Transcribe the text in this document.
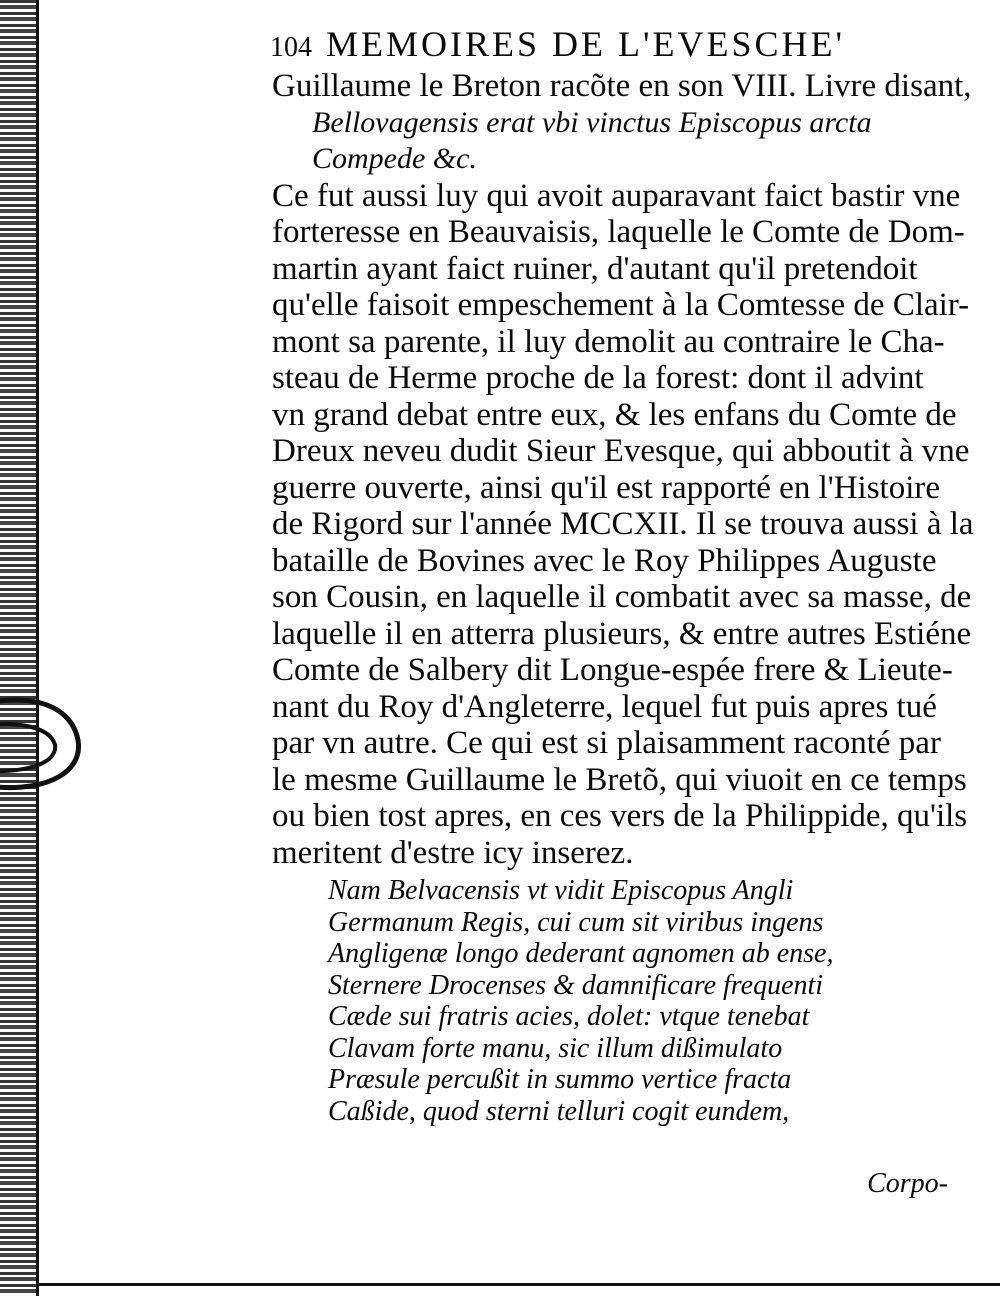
104 MEMOIRES DE L'EVESCHE'
Guillaume le Breton racõte en son VIII. Livre disant,
Bellovagensis erat vbi vinctus Episcopus arcta
Compede &c.
Ce fut aussi luy qui avoit auparavant faict bastir vne
forteresse en Beauvaisis, laquelle le Comte de Dom-
martin ayant faict ruiner, d'autant qu'il pretendoit
qu'elle faisoit empeschement à la Comtesse de Clair-
mont sa parente, il luy demolit au contraire le Cha-
steau de Herme proche de la forest: dont il advint
vn grand debat entre eux, & les enfans du Comte de
Dreux neveu dudit Sieur Evesque, qui abboutit à vne
guerre ouverte, ainsi qu'il est rapporté en l'Histoire
de Rigord sur l'année MCCXII. Il se trouva aussi à la
bataille de Bovines avec le Roy Philippes Auguste
son Cousin, en laquelle il combatit avec sa masse, de
laquelle il en atterra plusieurs, & entre autres Estiéne
Comte de Salbery dit Longue-espée frere & Lieute-
nant du Roy d'Angleterre, lequel fut puis apres tué
par vn autre. Ce qui est si plaisamment raconté par
le mesme Guillaume le Bretõ, qui viuoit en ce temps
ou bien tost apres, en ces vers de la Philippide, qu'ils
meritent d'estre icy inserez.
Nam Belvacensis vt vidit Episcopus Angli
Germanum Regis, cui cum sit viribus ingens
Angligenæ longo dederant agnomen ab ense,
Sternere Drocenses & damnificare frequenti
Cæde sui fratris acies, dolet: vtque tenebat
Clavam forte manu, sic illum dißimulato
Præsule percußit in summo vertice fracta
Caßide, quod sterni telluri cogit eundem,
Corpo-
